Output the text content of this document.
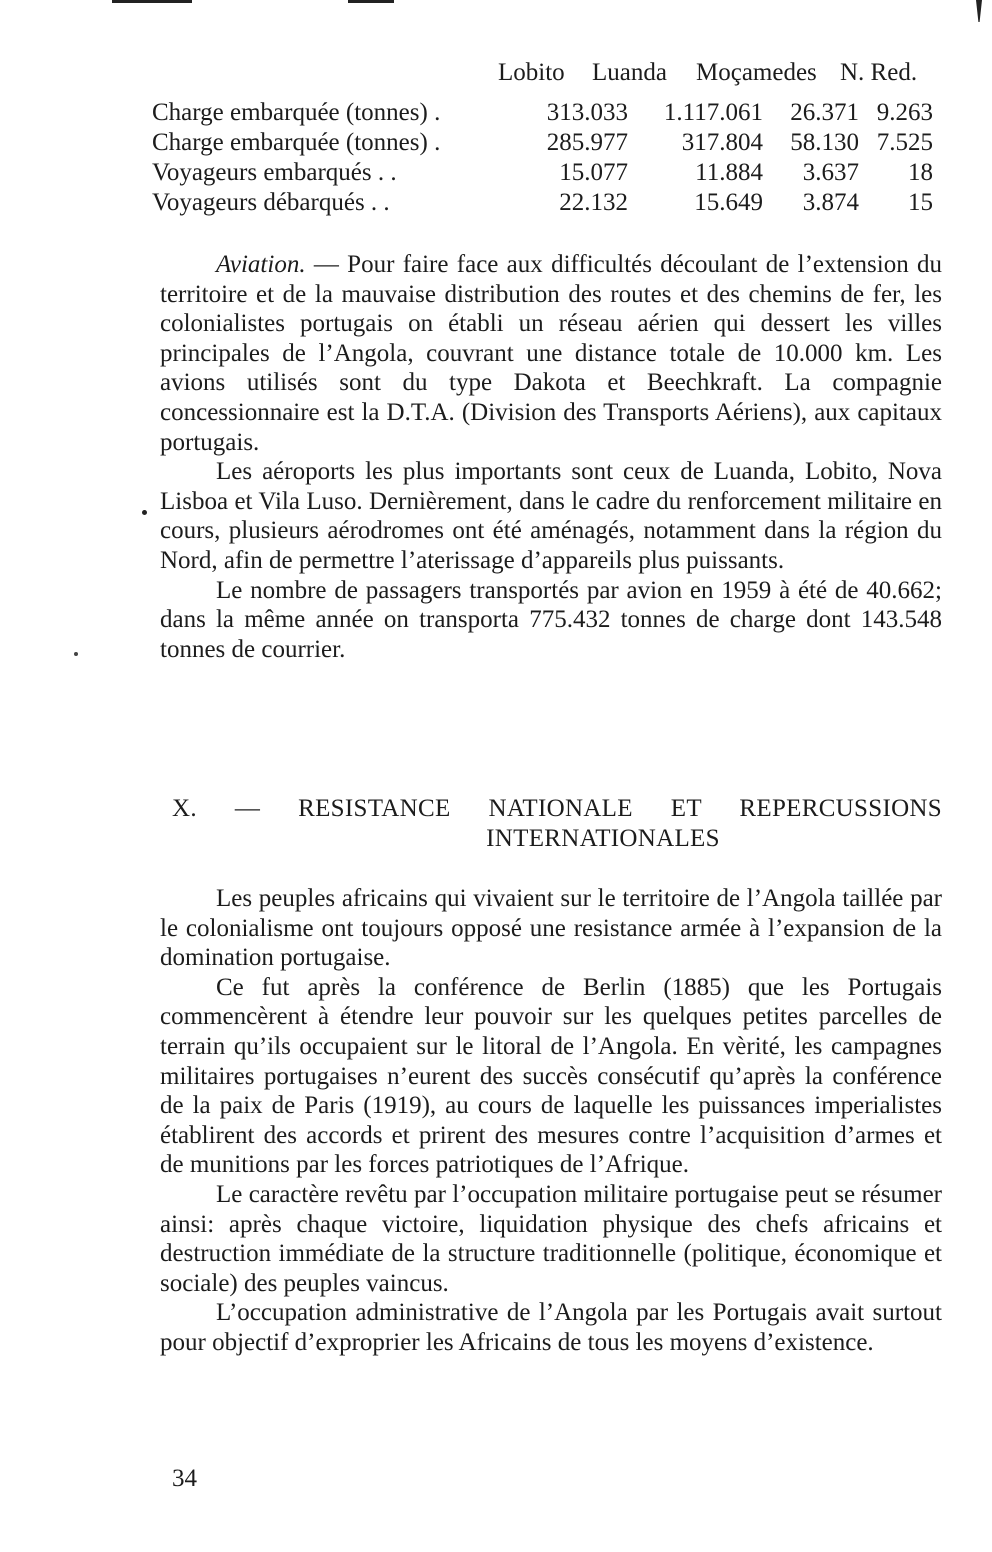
Lobito	Luanda	Moçamedes N. Red.
Charge embarquée (tonnes) .	313.033	1.117.061	26.371 9.263
Charge embarquée (tonnes) .	285.977	317.804	58.130 7.525
Voyageurs embarqués . .	15.077	11.884	3.637	18
Voyageurs débarqués . .	22.132	15.649	3.874	15

Aviation. — Pour faire face aux difficultés découlant de l’extension du territoire et de la mauvaise distribution des routes et des chemins de fer, les colonialistes portugais on établi un réseau aérien qui dessert les villes principales de l’Angola, couvrant une distance totale de 10.000 km. Les avions utilisés sont du type Dakota et Beechkraft. La compagnie concessionnaire est la D.T.A. (Division des Transports Aériens), aux capitaux portugais.

Les aéroports les plus importants sont ceux de Luanda, Lobito, Nova Lisboa et Vila Luso. Dernièrement, dans le cadre du renforcement militaire en cours, plusieurs aérodromes ont été aménagés, notamment dans la région du Nord, afin de permettre l’aterissage d’appareils plus puissants.

Le nombre de passagers transportés par avion en 1959 à été de 40.662; dans la même année on transporta 775.432 tonnes de charge dont 143.548 tonnes de courrier.

X. — RESISTANCE NATIONALE ET REPERCUSSIONS
INTERNATIONALES

Les peuples africains qui vivaient sur le territoire de l’Angola taillée par le colonialisme ont toujours opposé une resistance armée à l’expansion de la domination portugaise.

Ce fut après la conférence de Berlin (1885) que les Portugais commencèrent à étendre leur pouvoir sur les quelques petites parcelles de terrain qu’ils occupaient sur le litoral de l’Angola. En vèrité, les campagnes militaires portugaises n’eurent des succès consécutif qu’après la conférence de la paix de Paris (1919), au cours de laquelle les puissances imperialistes établirent des accords et prirent des mesures contre l’acquisition d’armes et de munitions par les forces patriotiques de l’Afrique.

Le caractère revêtu par l’occupation militaire portugaise peut se résumer ainsi: après chaque victoire, liquidation physique des chefs africains et destruction immédiate de la structure traditionnelle (politique, économique et sociale) des peuples vaincus.

L’occupation administrative de l’Angola par les Portugais avait surtout pour objectif d’exproprier les Africains de tous les moyens d’existence.

34
